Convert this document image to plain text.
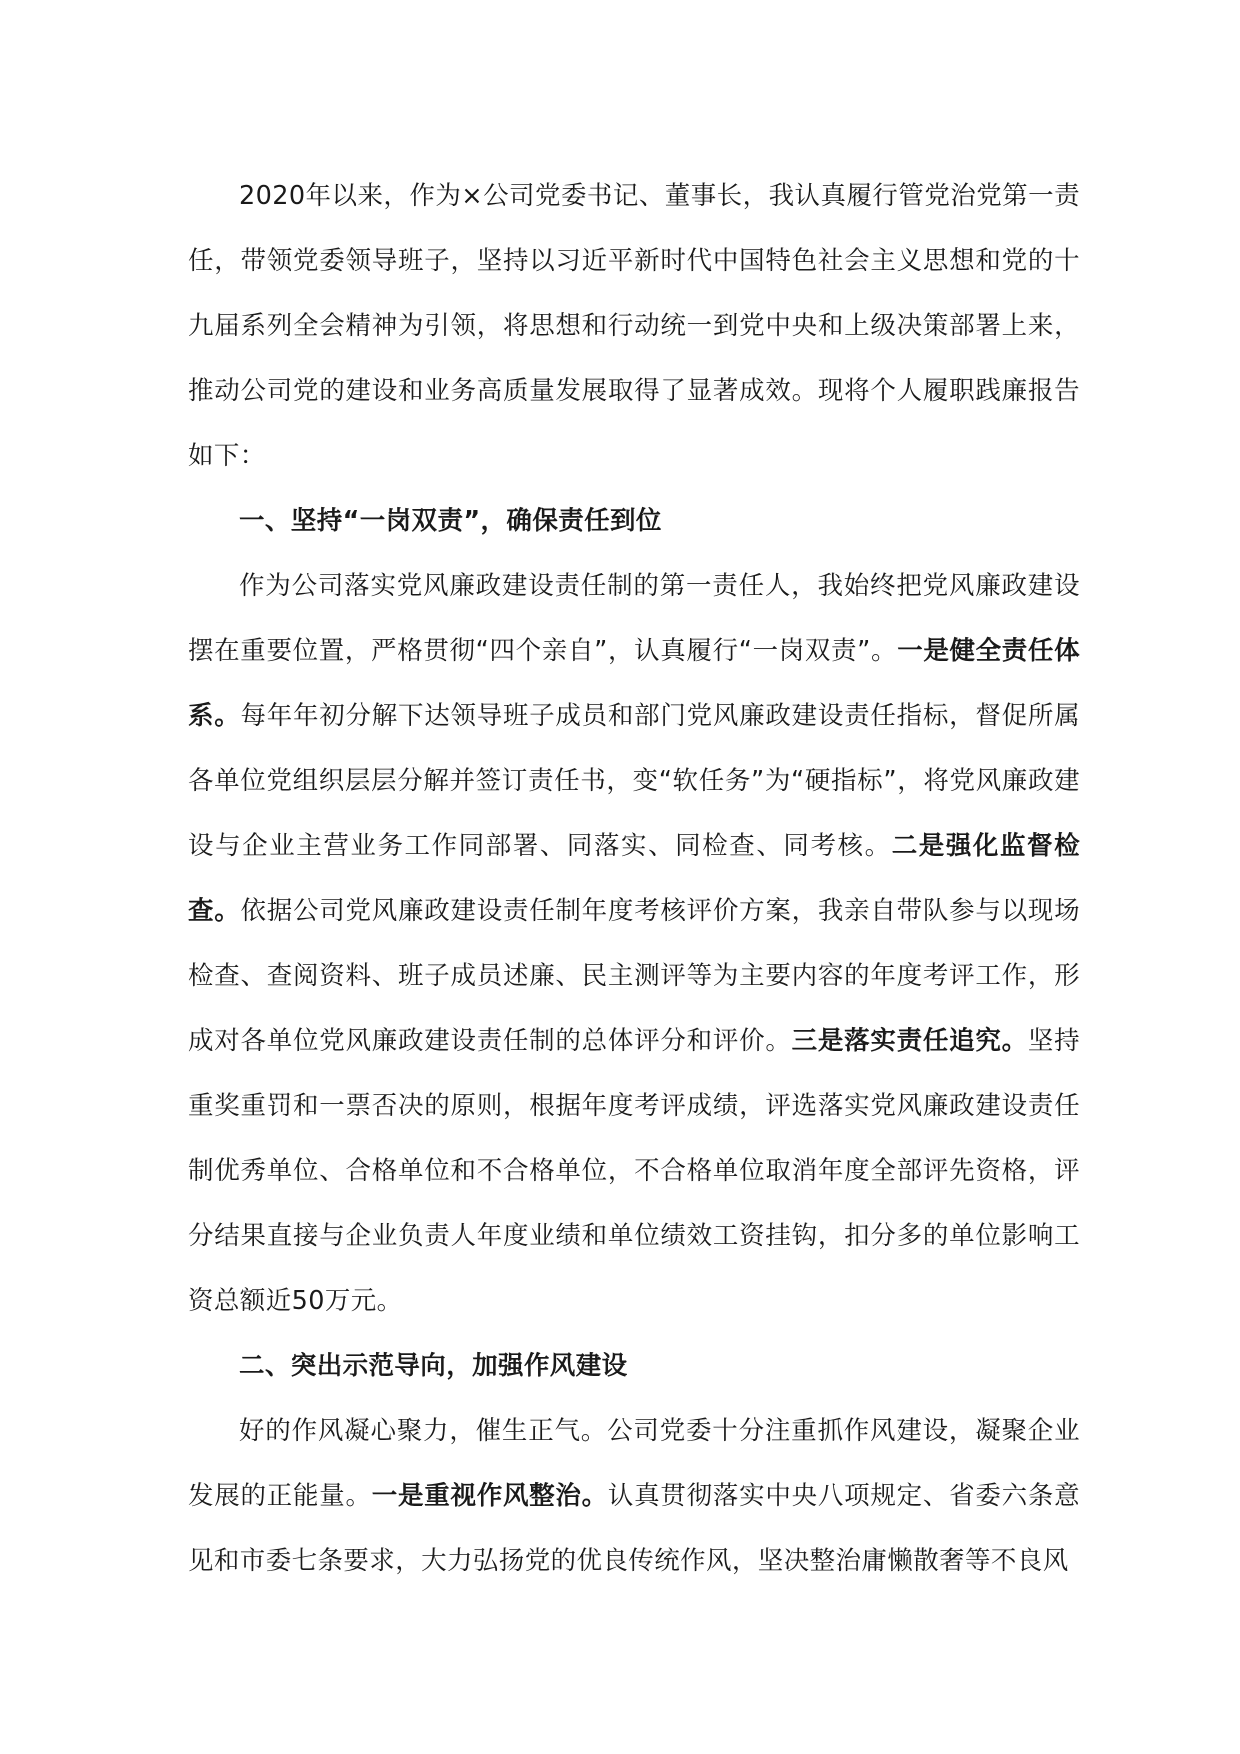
2020年以来，作为×公司党委书记、董事长，我认真履行管党治党第一责任，带领党委领导班子，坚持以习近平新时代中国特色社会主义思想和党的十九届系列全会精神为引领，将思想和行动统一到党中央和上级决策部署上来，推动公司党的建设和业务高质量发展取得了显著成效。现将个人履职践廉报告如下：

一、坚持“一岗双责”，确保责任到位

作为公司落实党风廉政建设责任制的第一责任人，我始终把党风廉政建设摆在重要位置，严格贯彻“四个亲自”，认真履行“一岗双责”。一是健全责任体系。每年年初分解下达领导班子成员和部门党风廉政建设责任指标，督促所属各单位党组织层层分解并签订责任书，变“软任务”为“硬指标”，将党风廉政建设与企业主营业务工作同部署、同落实、同检查、同考核。二是强化监督检查。依据公司党风廉政建设责任制年度考核评价方案，我亲自带队参与以现场检查、查阅资料、班子成员述廉、民主测评等为主要内容的年度考评工作，形成对各单位党风廉政建设责任制的总体评分和评价。三是落实责任追究。坚持重奖重罚和一票否决的原则，根据年度考评成绩，评选落实党风廉政建设责任制优秀单位、合格单位和不合格单位，不合格单位取消年度全部评先资格，评分结果直接与企业负责人年度业绩和单位绩效工资挂钩，扣分多的单位影响工资总额近50万元。

二、突出示范导向，加强作风建设

好的作风凝心聚力，催生正气。公司党委十分注重抓作风建设，凝聚企业发展的正能量。一是重视作风整治。认真贯彻落实中央八项规定、省委六条意见和市委七条要求，大力弘扬党的优良传统作风，坚决整治庸懒散奢等不良风
